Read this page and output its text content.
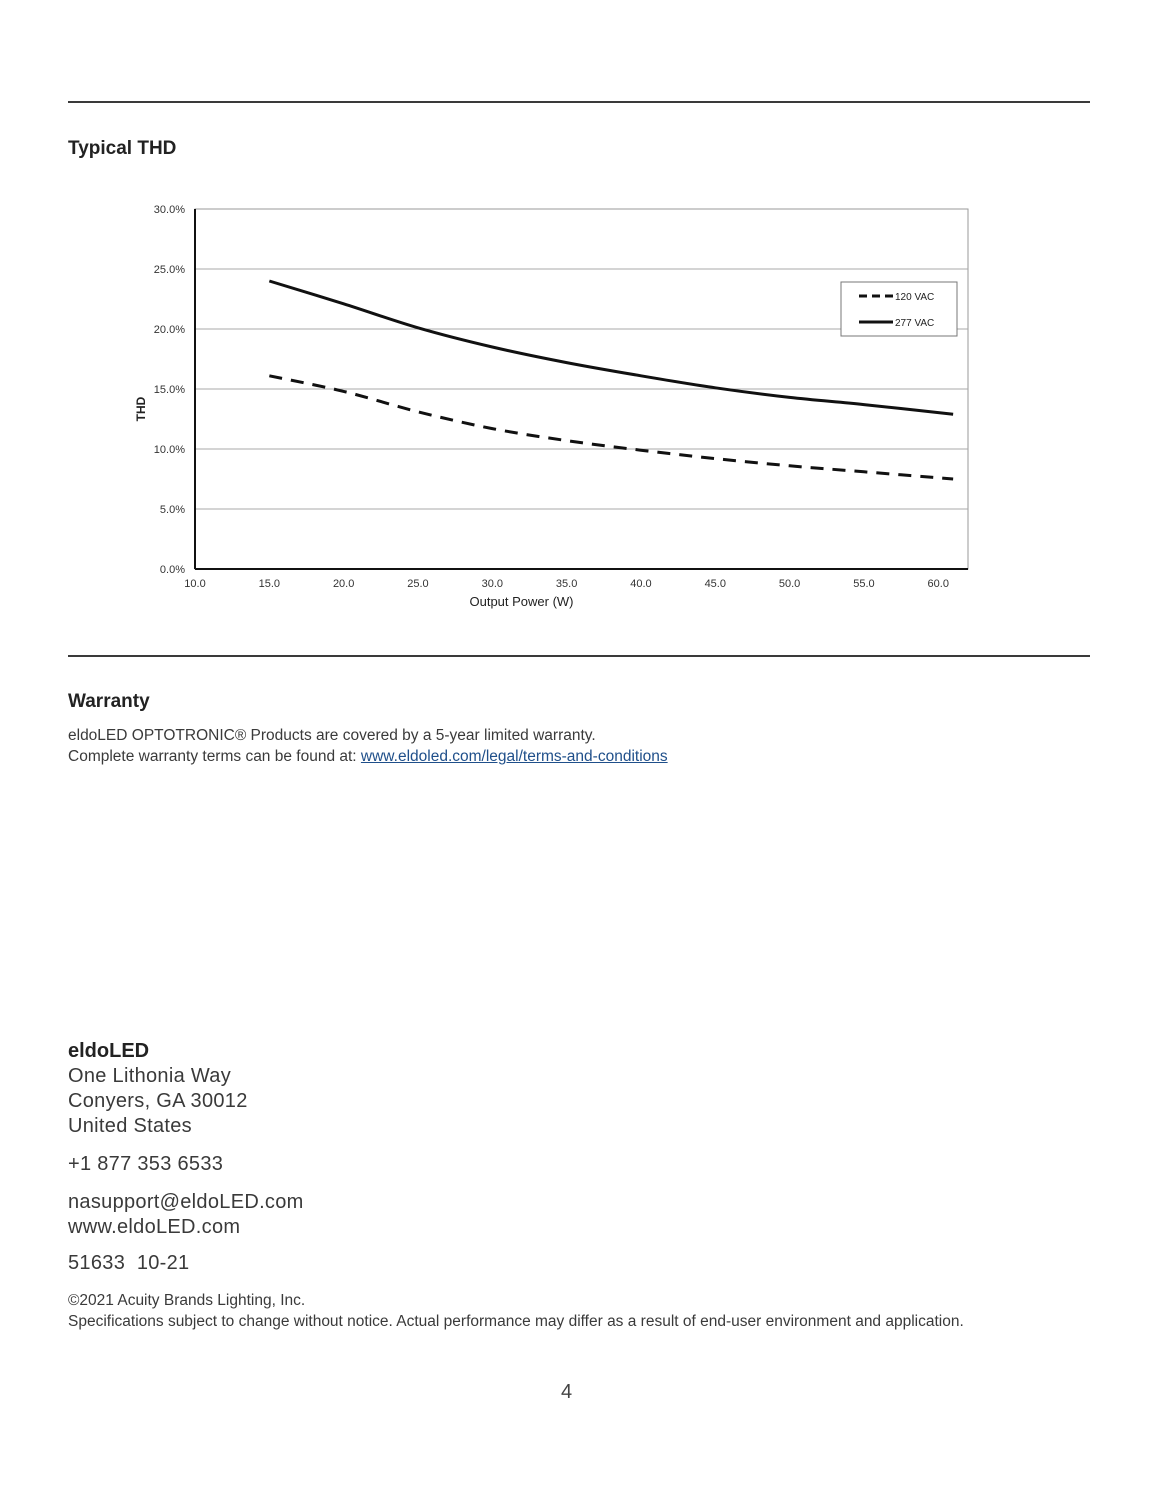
Typical THD
0.0%
5.0%
10.0%
15.0%
20.0%
25.0%
30.0%
10.0	15.0	20.0	25.0	30.0	35.0	40.0	45.0	50.0	55.0	60.0
Output Power (W)
THD
120 VAC
277 VAC
Warranty

eldoLED OPTOTRONIC® Products are covered by a 5-year limited warranty.

Complete warranty terms can be found at: www.eldoled.com/legal/terms-and-conditions

eldoLED
One Lithonia Way
Conyers, GA 30012
United States
+1 877 353 6533
nasupport@eldoLED.com
www.eldoLED.com
51633  10-21

©2021 Acuity Brands Lighting, Inc.

Specifications subject to change without notice. Actual performance may differ as a result of end-user environment and application.

4
